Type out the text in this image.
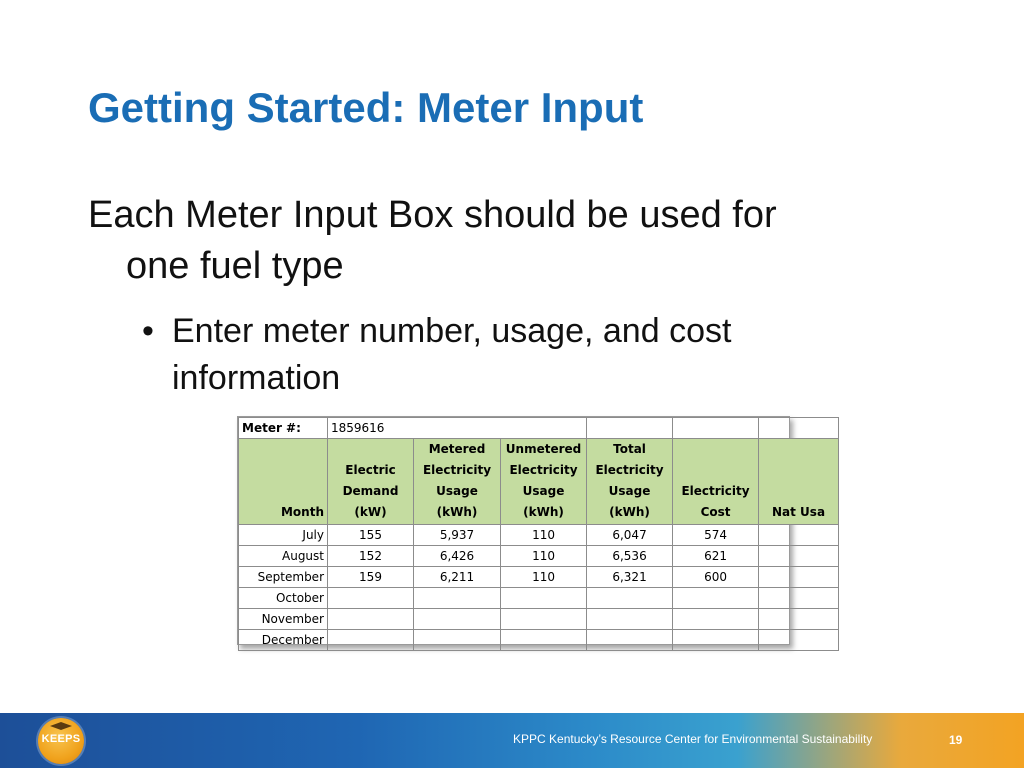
Getting Started: Meter Input
Each Meter Input Box should be used for
one fuel type
• Enter meter number, usage, and cost
information
Meter #:	1859616					
Month	Electric Demand (kW)	Metered Electricity Usage (kWh)	Unmetered Electricity Usage (kWh)	Total Electricity Usage (kWh)	Electricity Cost	Nat Usa
July	155	5,937	110	6,047	574	
August	152	6,426	110	6,536	621	
September	159	6,211	110	6,321	600	
October						
November						
December						
KEEPS	KPPC Kentucky’s Resource Center for Environmental Sustainability	19
